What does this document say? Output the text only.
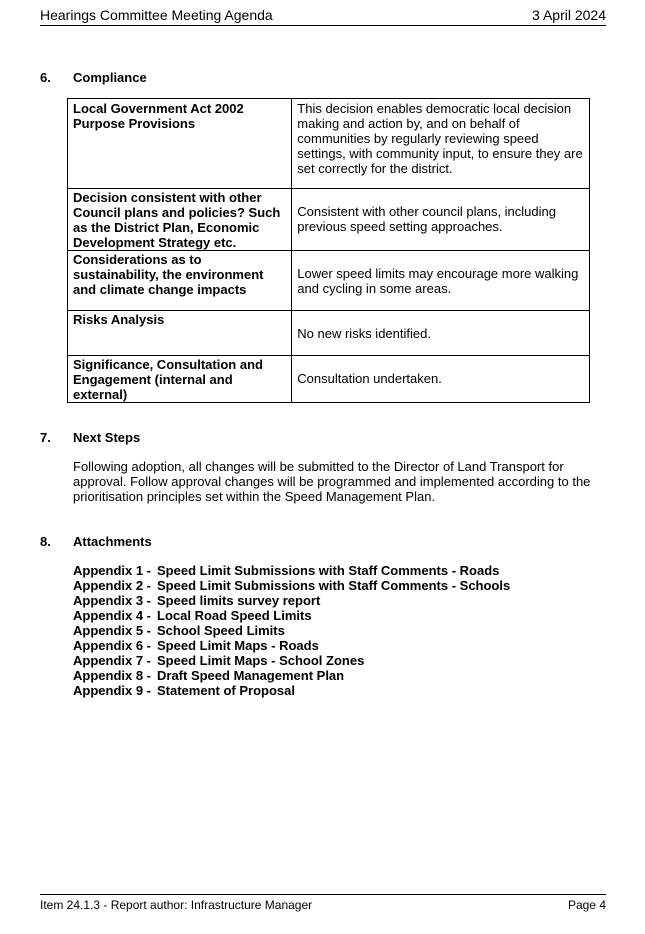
Hearings Committee Meeting Agenda	3 April 2024
6. Compliance
Local Government Act 2002 Purpose Provisions	This decision enables democratic local decision making and action by, and on behalf of communities by regularly reviewing speed settings, with community input, to ensure they are set correctly for the district.
Decision consistent with other Council plans and policies? Such as the District Plan, Economic Development Strategy etc.	Consistent with other council plans, including previous speed setting approaches.
Considerations as to sustainability, the environment and climate change impacts	Lower speed limits may encourage more walking and cycling in some areas.
Risks Analysis	No new risks identified.
Significance, Consultation and Engagement (internal and external)	Consultation undertaken.
7. Next Steps
Following adoption, all changes will be submitted to the Director of Land Transport for approval. Follow approval changes will be programmed and implemented according to the prioritisation principles set within the Speed Management Plan.
8. Attachments
Appendix 1 - Speed Limit Submissions with Staff Comments - Roads
Appendix 2 - Speed Limit Submissions with Staff Comments - Schools
Appendix 3 - Speed limits survey report
Appendix 4 - Local Road Speed Limits
Appendix 5 - School Speed Limits
Appendix 6 - Speed Limit Maps - Roads
Appendix 7 - Speed Limit Maps - School Zones
Appendix 8 - Draft Speed Management Plan
Appendix 9 - Statement of Proposal
Item 24.1.3 - Report author: Infrastructure Manager	Page 4
